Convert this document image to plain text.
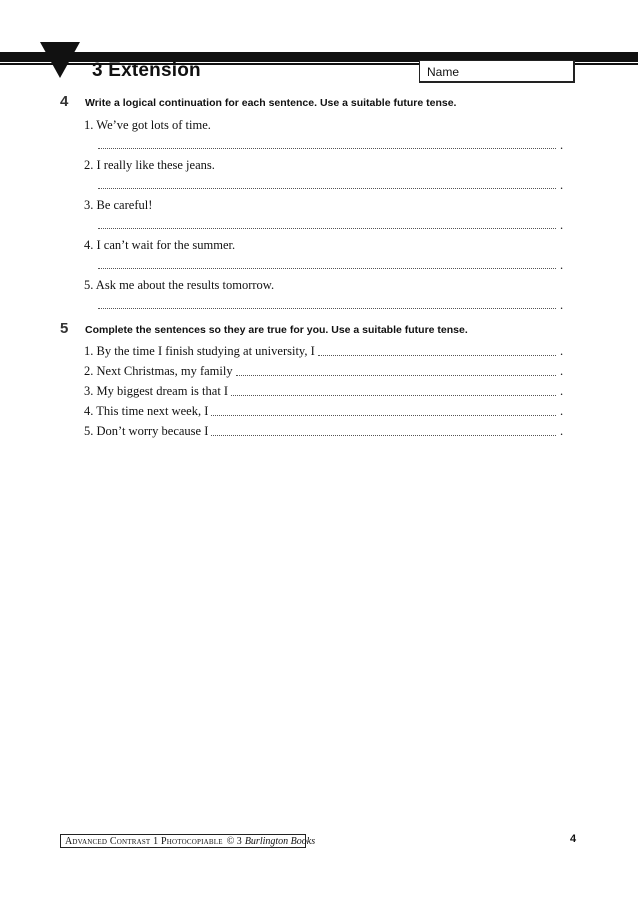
3 Extension	Name
4 Write a logical continuation for each sentence. Use a suitable future tense.
1. We’ve got lots of time.
.
2. I really like these jeans.
.
3. Be careful!
.
4. I can’t wait for the summer.
.
5. Ask me about the results tomorrow.
.
5 Complete the sentences so they are true for you. Use a suitable future tense.
1. By the time I finish studying at university, I	.
2. Next Christmas, my family	.
3. My biggest dream is that I	.
4. This time next week, I	.
5. Don’t worry because I	.
Advanced Contrast 1 Photocopiable © 3 Burlington Books	4
